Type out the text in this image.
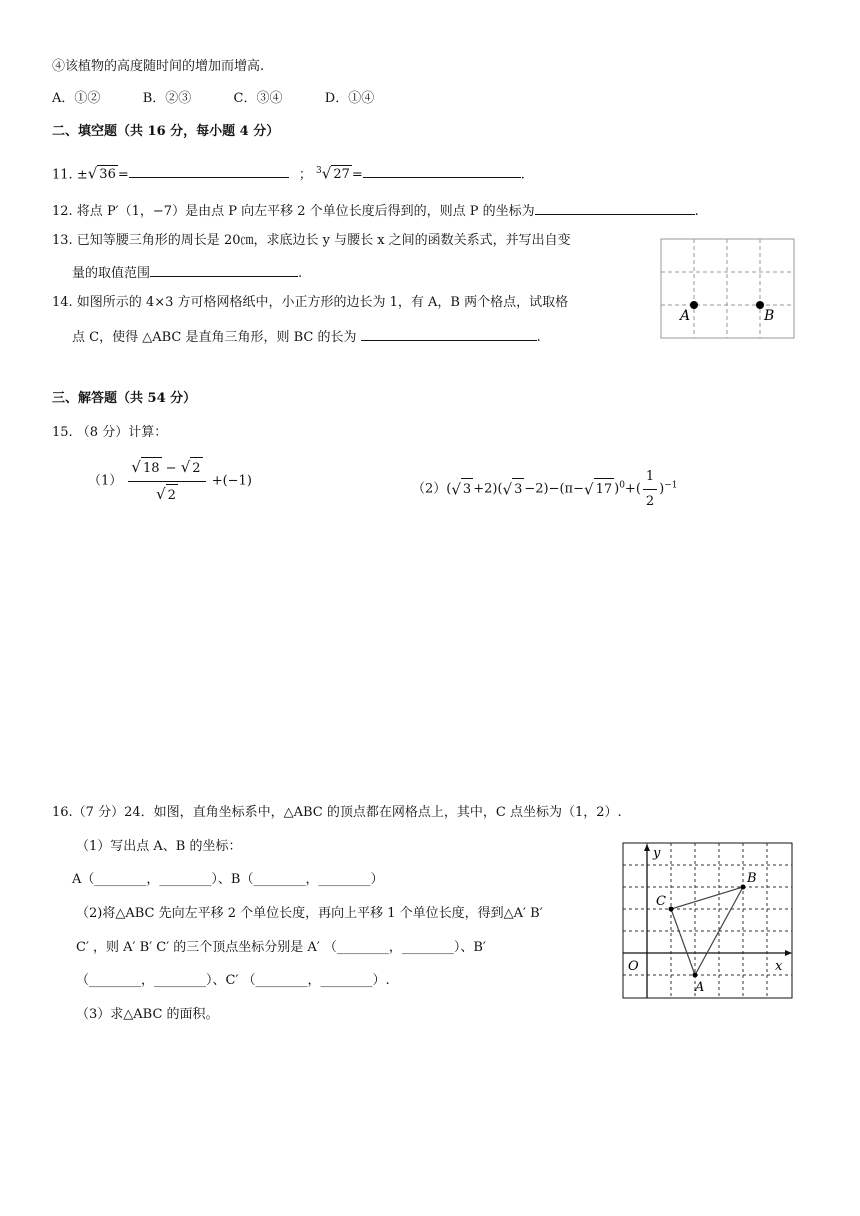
④该植物的高度随时间的增加而增高.
A．①②	B．②③	C．③④	D．①④
二、填空题（共 16 分，每小题 4 分）
11. ±√ 36 =	； $^3$√ 27 =	.
12. 将点 P′（1，−7）是由点 P 向左平移 2 个单位长度后得到的，则点 P 的坐标为	.
13. 已知等腰三角形的周长是 20㎝，求底边长 y 与腰长 x 之间的函数关系式，并写出自变
量的取值范围	.
14. 如图所示的 4×3 方可格网格纸中，小正方形的边长为 1，有 A，B 两个格点，试取格
点 C，使得 △ABC 是直角三角形，则 BC 的长为	.
A	B
三、解答题（共 54 分）
15. （8 分）计算：
$(1) \frac{√ 18 - √ 2}{√ 2} +(-1)$
（2）(√ 3 +2)(√ 3 −2)−(π−√ 17 )$^0+( \frac{1}{2} )^{-1}$
16.（7 分）24．如图，直角坐标系中，△ABC 的顶点都在网格点上，其中，C 点坐标为（1，2）.
（1）写出点 A、B 的坐标：
A（________，________）、B（________，________）
（2)将△ABC 先向左平移 2 个单位长度，再向上平移 1 个单位长度，得到△A′ B′
C′ ，则 A′ B′ C′ 的三个顶点坐标分别是 A′ （________，________）、B′
（________，________）、C′ （________，________）.
（3）求△ABC 的面积。
y
x
O
C
A
B
